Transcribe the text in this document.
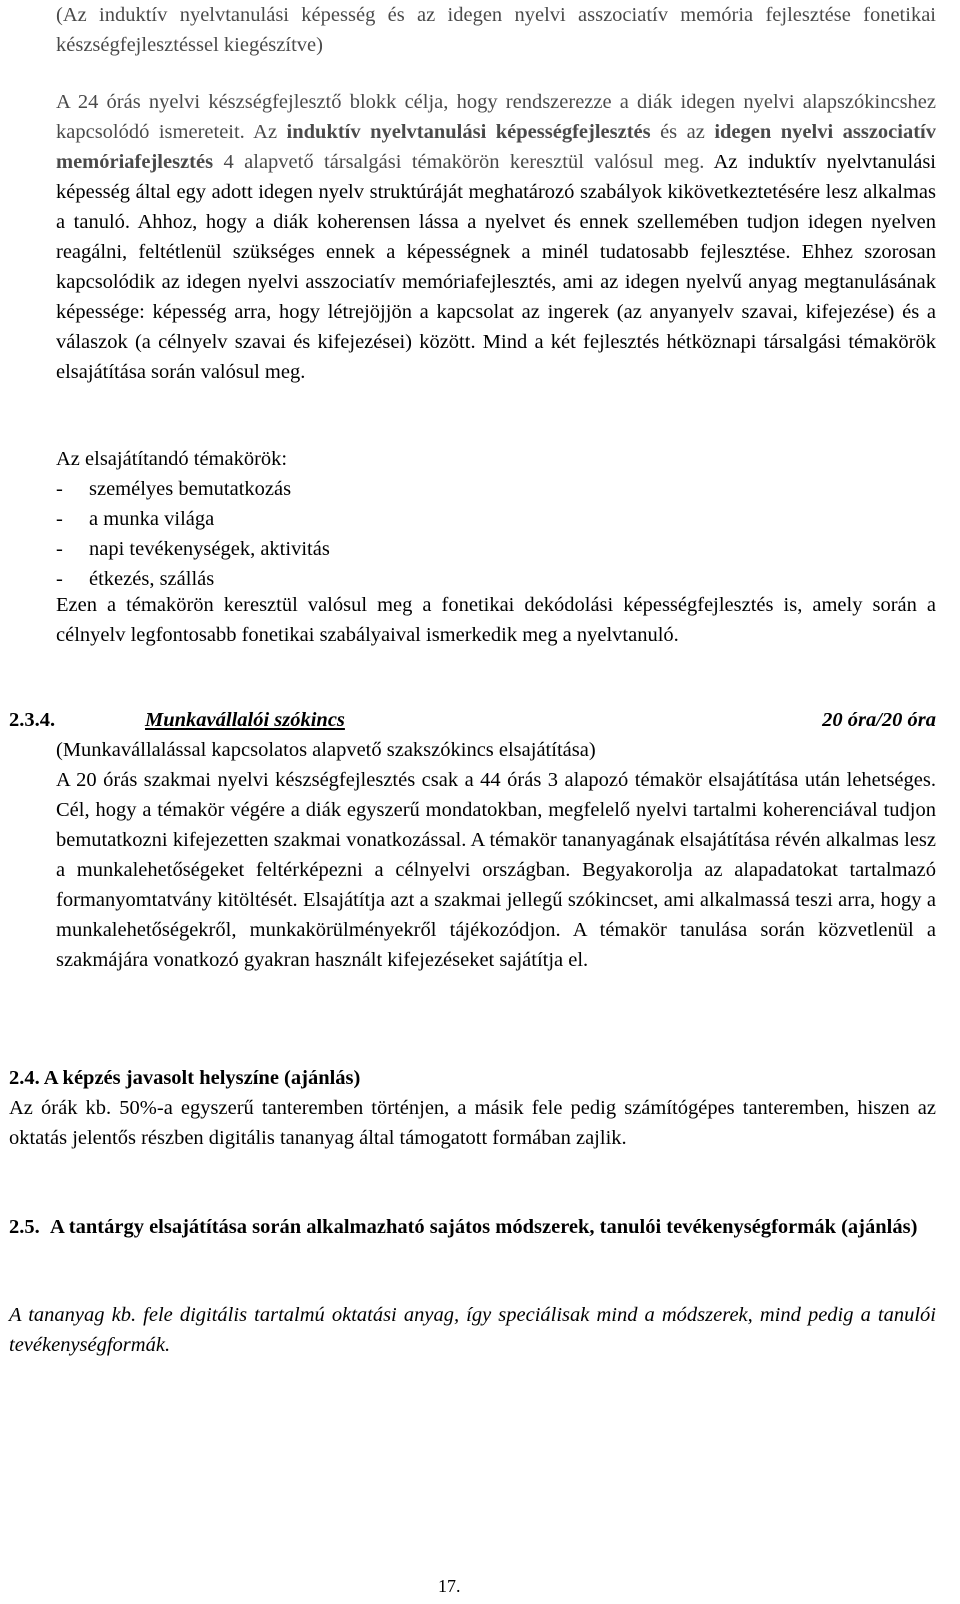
(Az induktív nyelvtanulási képesség és az idegen nyelvi asszociatív memória fejlesztése fonetikai készségfejlesztéssel kiegészítve)
A 24 órás nyelvi készségfejlesztő blokk célja, hogy rendszerezze a diák idegen nyelvi alapszókincshez kapcsolódó ismereteit. Az induktív nyelvtanulási képességfejlesztés és az idegen nyelvi asszociatív memóriafejlesztés 4 alapvető társalgási témakörön keresztül valósul meg. Az induktív nyelvtanulási képesség által egy adott idegen nyelv struktúráját meghatározó szabályok kikövetkeztetésére lesz alkalmas a tanuló. Ahhoz, hogy a diák koherensen lássa a nyelvet és ennek szellemében tudjon idegen nyelven reagálni, feltétlenül szükséges ennek a képességnek a minél tudatosabb fejlesztése. Ehhez szorosan kapcsolódik az idegen nyelvi asszociatív memóriafejlesztés, ami az idegen nyelvű anyag megtanulásának képessége: képesség arra, hogy létrejöjjön a kapcsolat az ingerek (az anyanyelv szavai, kifejezése) és a válaszok (a célnyelv szavai és kifejezései) között. Mind a két fejlesztés hétköznapi társalgási témakörök elsajátítása során valósul meg.
Az elsajátítandó témakörök:
-	személyes bemutatkozás
-	a munka világa
-	napi tevékenységek, aktivitás
-	étkezés, szállás
Ezen a témakörön keresztül valósul meg a fonetikai dekódolási képességfejlesztés is, amely során a célnyelv legfontosabb fonetikai szabályaival ismerkedik meg a nyelvtanuló.
2.3.4.	Munkavállalói szókincs	20 óra/20 óra
(Munkavállalással kapcsolatos alapvető szakszókincs elsajátítása)
A 20 órás szakmai nyelvi készségfejlesztés csak a 44 órás 3 alapozó témakör elsajátítása után lehetséges. Cél, hogy a témakör végére a diák egyszerű mondatokban, megfelelő nyelvi tartalmi koherenciával tudjon bemutatkozni kifejezetten szakmai vonatkozással. A témakör tananyagának elsajátítása révén alkalmas lesz a munkalehetőségeket feltérképezni a célnyelvi országban. Begyakorolja az alapadatokat tartalmazó formanyomtatvány kitöltését. Elsajátítja azt a szakmai jellegű szókincset, ami alkalmassá teszi arra, hogy a munkalehetőségekről, munkakörülményekről tájékozódjon. A témakör tanulása során közvetlenül a szakmájára vonatkozó gyakran használt kifejezéseket sajátítja el.
2.4. A képzés javasolt helyszíne (ajánlás)
Az órák kb. 50%-a egyszerű tanteremben történjen, a másik fele pedig számítógépes tanteremben, hiszen az oktatás jelentős részben digitális tananyag által támogatott formában zajlik.
2.5. A tantárgy elsajátítása során alkalmazható sajátos módszerek, tanulói tevékenységformák (ajánlás)
A tananyag kb. fele digitális tartalmú oktatási anyag, így speciálisak mind a módszerek, mind pedig a tanulói tevékenységformák.
17.
